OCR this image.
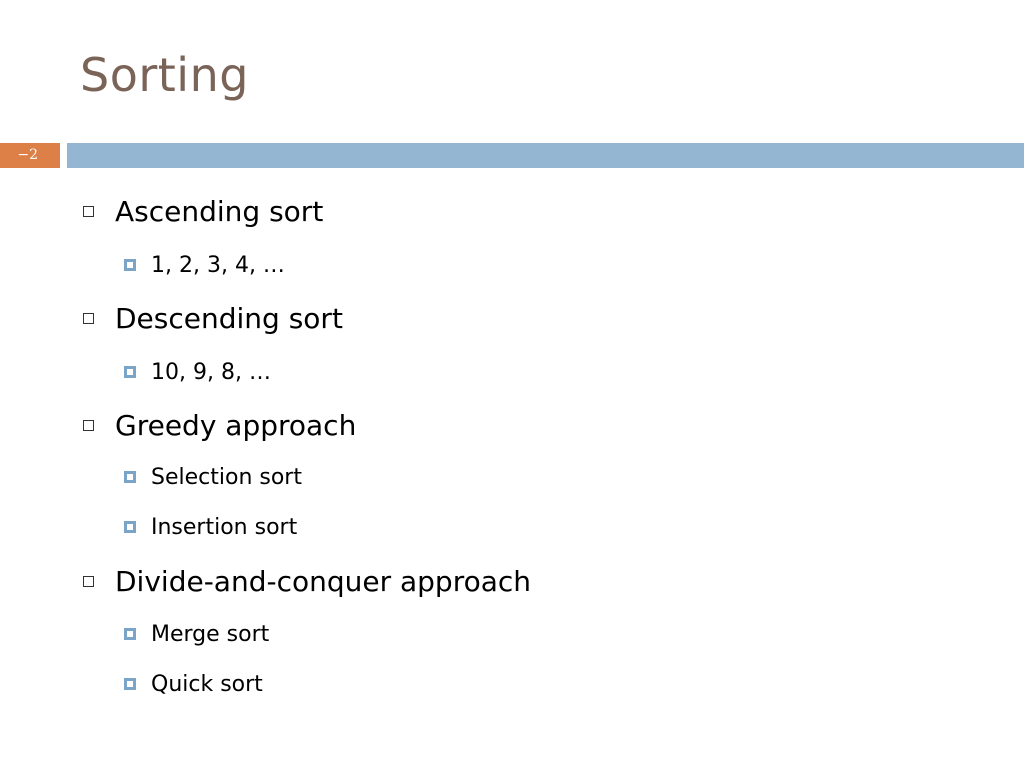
Sorting
−2
Ascending sort
1, 2, 3, 4, …
Descending sort
10, 9, 8, …
Greedy approach
Selection sort
Insertion sort
Divide-and-conquer approach
Merge sort
Quick sort
